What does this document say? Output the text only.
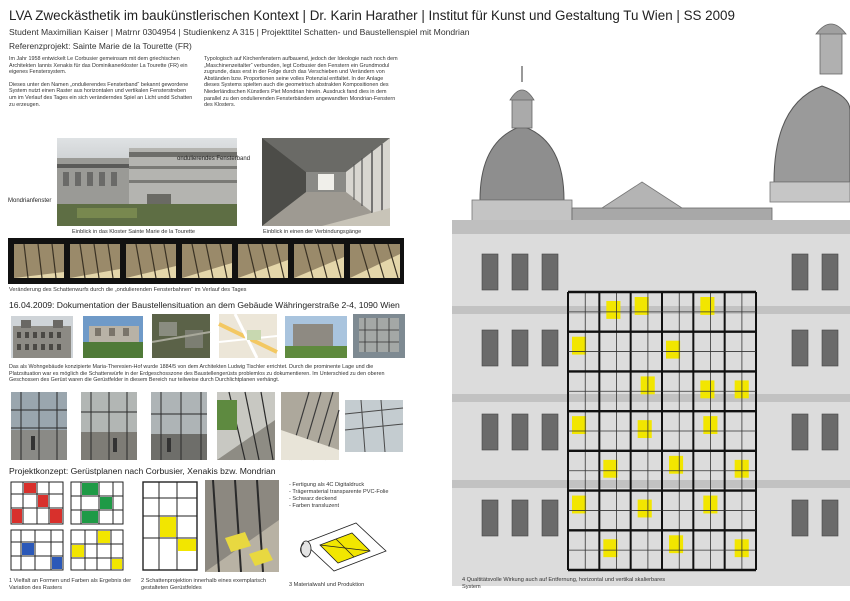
LVA Zweckästhetik im baukünstlerischen Kontext | Dr. Karin Harather | Institut für Kunst und Gestaltung Tu Wien | SS 2009
Student Maximilian Kaiser | Matrnr 0304954 | Studienkenz A 315 | Projekttitel Schatten- und Baustellenspiel mit Mondrian
Referenzprojekt: Sainte Marie de la Tourette (FR)
Im Jahr 1958 entwickelt Le Corbusier gemeinsam mit dem griechischen Architekten Iannis Xenakis für das Dominikanerkloster La Tourette (FR) ein eigenes Fenstersystem.
Dieses unter den Namen „ondulierendes Fensterband“ bekannt gewordene System nutzt einen Raster aus horizontalen und vertikalen Fensterstreben um im Verlauf des Tages ein sich veränderndes Spiel an Licht undd Schatten zu erzeugen.
Typologisch auf Kirchenfenstern aufbauend, jedoch der Ideologie nach noch dem „Maschinenzeitalter“ verbunden, legt Corbusier den Fenstern ein Grundmodul zugrunde, dass erst in der Folge durch das Verschieben und Verändern von Abständen bzw. Proportionen seine volles Potenzial entfaltet. In der Anlage dieses Systems spielten auch die geometrisch abstrakten Kompositionen des Niederländischen Künstlers Piet Mondrian hinein. Ausdruck fand dies in dem parallel zu den ondulierenden Fensterbändern angewandten Mondrian-Fenstern des Klosters.
Mondrianfenster
ondulierendes Fensterband
Einblick in das Kloster Sainte Marie de la Tourette	Einblick in einen der Verbindungsgänge
Veränderung des Schattenwurfs durch die „ondulierenden Fensterbahnen“ im Verlauf des Tages
16.04.2009: Dokumentation der Baustellensituation an dem Gebäude Währingerstraße 2-4, 1090 Wien
Das als Wohngebäude konzipierte Maria-Theresien-Hof wurde 1884/5 von dem Architekten Ludwig Tischler errichtet. Durch die prominente Lage und die Platzsituation war es möglich die Schattenwürfe in der Erdgeschosszone des Baustellengerüsts problemlos zu dokumentieren. Im Unterschied zu den oberen Geschossen des Gerüst waren die Gerüstfelder in diesem Bereich nur teilweise durch Durchlichtplanen verhängt.
Projektkonzept: Gerüstplanen nach Corbusier, Xenakis bzw. Mondrian
1 Vielfalt an Formen und Farben als Ergebnis der Variation des Rasters
2 Schattenprojektion innerhalb eines exemplarisch gestalteten Gerüstfeldes
- Fertigung als 4C Digitaldruck
- Trägermaterial transparente PVC-Folie
- Schwarz deckend
- Farben transluzent
3 Materialwahl und Produktion
4 Qualtitätsvolle Wirkung auch auf Entfernung, horizontal und vertikal skalierbares System
